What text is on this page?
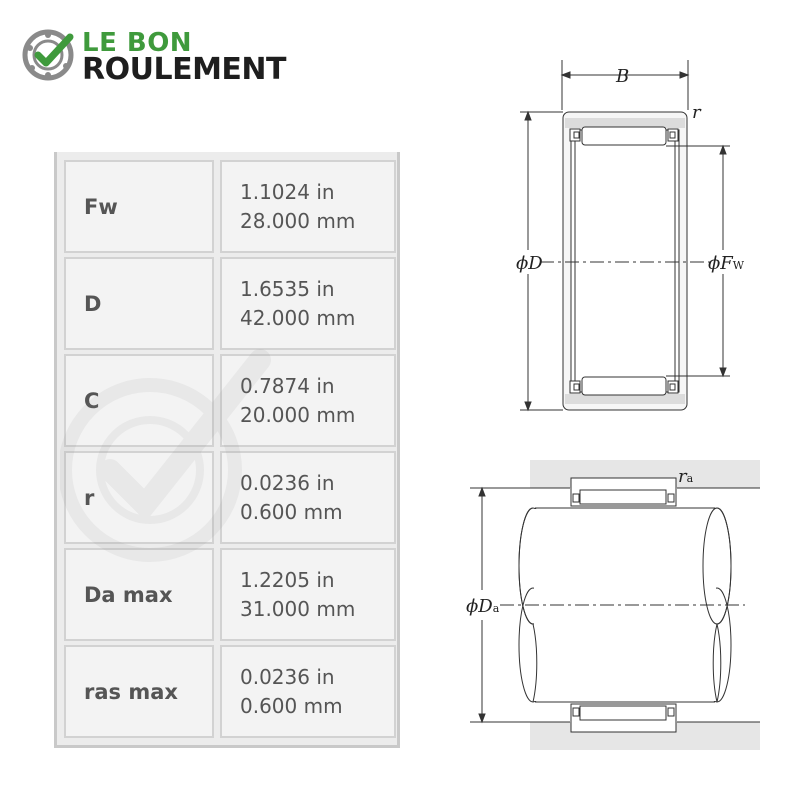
LE BON
ROULEMENT
Fw
1.1024 in
28.000 mm
D
1.6535 in
42.000 mm
C
0.7874 in
20.000 mm
r
0.0236 in
0.600 mm
Da max
1.2205 in
31.000 mm
ras max
0.0236 in
0.600 mm
B
r
ϕD	ϕFW
ra
ϕDa
